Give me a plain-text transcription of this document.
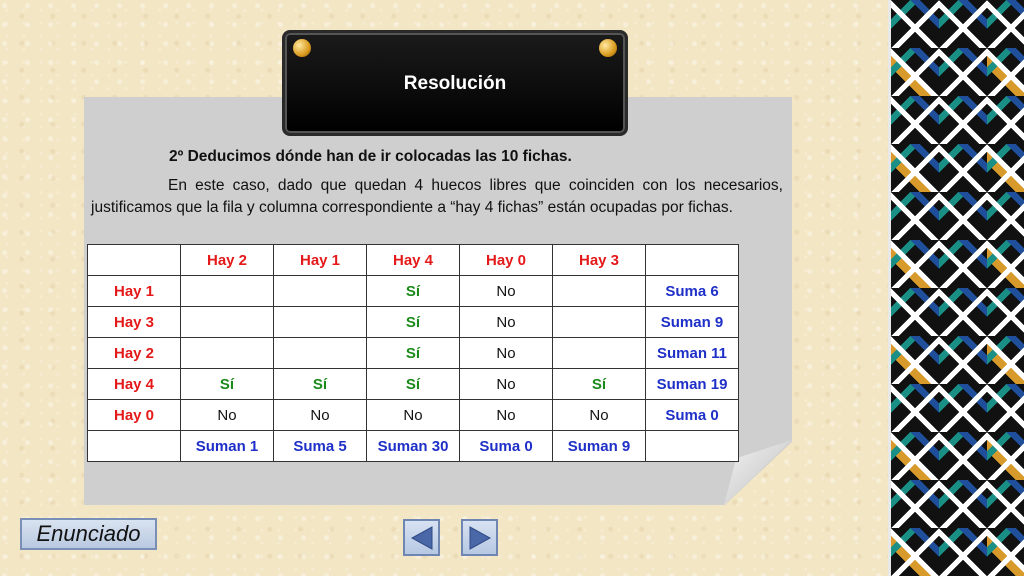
Resolución
2º Deducimos dónde han de ir colocadas las 10 fichas.
En este caso, dado que quedan 4 huecos libres que coinciden con los necesarios, justificamos que la fila y columna correspondiente a “hay 4 fichas” están ocupadas por fichas.
	Hay 2	Hay 1	Hay 4	Hay 0	Hay 3	
Hay 1			Sí	No		Suma 6
Hay 3			Sí	No		Suman 9
Hay 2			Sí	No		Suman 11
Hay 4	Sí	Sí	Sí	No	Sí	Suman 19
Hay 0	No	No	No	No	No	Suma 0
	Suman 1	Suma 5	Suman 30	Suma 0	Suman 9	
Enunciado
